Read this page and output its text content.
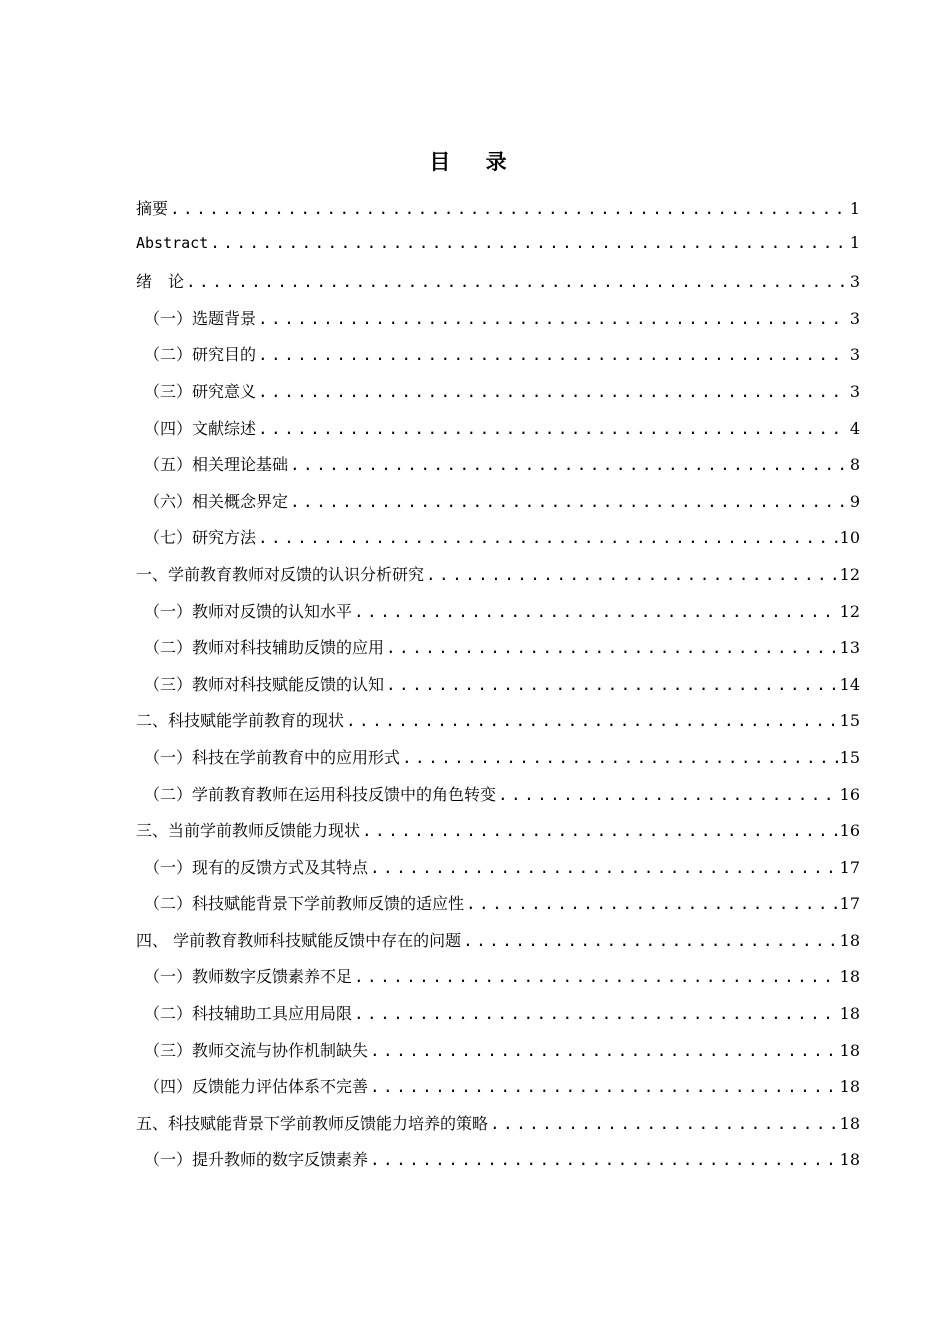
目 录
摘要 .....	1
Abstract .....	1
绪　论 .....	3
（一）选题背景 .....	3
（二）研究目的 .....	3
（三）研究意义 .....	3
（四）文献综述 .....	4
（五）相关理论基础 .....	8
（六）相关概念界定 .....	9
（七）研究方法 .....	10
一、学前教育教师对反馈的认识分析研究 .....	12
（一）教师对反馈的认知水平 .....	12
（二）教师对科技辅助反馈的应用 .....	13
（三）教师对科技赋能反馈的认知 .....	14
二、科技赋能学前教育的现状 .....	15
（一）科技在学前教育中的应用形式 .....	15
（二）学前教育教师在运用科技反馈中的角色转变 .....	16
三、当前学前教师反馈能力现状 .....	16
（一）现有的反馈方式及其特点 .....	17
（二）科技赋能背景下学前教师反馈的适应性 .....	17
四、 学前教育教师科技赋能反馈中存在的问题 .....	18
（一）教师数字反馈素养不足 .....	18
（二）科技辅助工具应用局限 .....	18
（三）教师交流与协作机制缺失 .....	18
（四）反馈能力评估体系不完善 .....	18
五、科技赋能背景下学前教师反馈能力培养的策略 .....	18
（一）提升教师的数字反馈素养 .....	18
